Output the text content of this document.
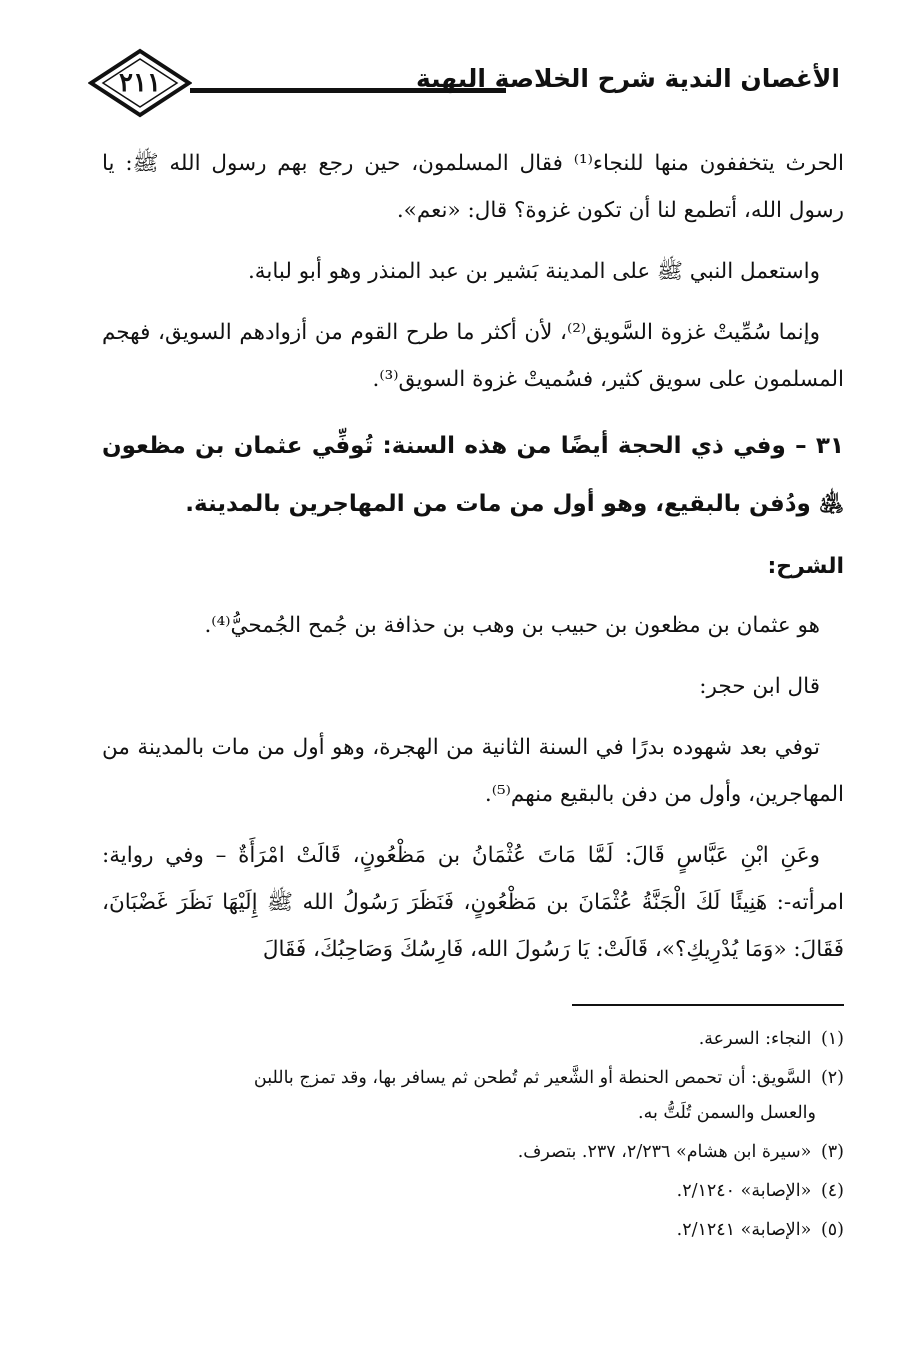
٢١١	الأغصان الندية شرح الخلاصة البهية

الحرث يتخففون منها للنجاء⁽¹⁾ فقال المسلمون، حين رجع بهم رسول الله ﷺ: يا رسول الله، أتطمع لنا أن تكون غزوة؟ قال: «نعم».

واستعمل النبي ﷺ على المدينة بَشير بن عبد المنذر وهو أبو لبابة.

وإنما سُمِّيتْ غزوة السَّويق⁽²⁾، لأن أكثر ما طرح القوم من أزوادهم السويق، فهجم المسلمون على سويق كثير، فسُميتْ غزوة السويق⁽³⁾.

٣١ – وفي ذي الحجة أيضًا من هذه السنة: تُوفِّي عثمان بن مظعون ﵁ ودُفن بالبقيع، وهو أول من مات من المهاجرين بالمدينة.

الشرح:

هو عثمان بن مظعون بن حبيب بن وهب بن حذافة بن جُمح الجُمحيُّ⁽⁴⁾.

قال ابن حجر:

توفي بعد شهوده بدرًا في السنة الثانية من الهجرة، وهو أول من مات بالمدينة من المهاجرين، وأول من دفن بالبقيع منهم⁽⁵⁾.

وعَنِ ابْنِ عَبَّاسٍ قَالَ: لَمَّا مَاتَ عُثْمَانُ بن مَظْعُونٍ، قَالَتْ امْرَأَةٌ – وفي رواية: امرأته-: هَنِيئًا لَكَ الْجَنَّةُ عُثْمَانَ بن مَظْعُونٍ، فَنَظَرَ رَسُولُ الله ﷺ إِلَيْهَا نَظَرَ غَضْبَانَ، فَقَالَ: «وَمَا يُدْرِيكِ؟»، قَالَتْ: يَا رَسُولَ الله، فَارِسُكَ وَصَاحِبُكَ، فَقَالَ

(١) النجاء: السرعة.
(٢) السَّويق: أن تحمص الحنطة أو الشَّعير ثم تُطحن ثم يسافر بها، وقد تمزج باللبن
والعسل والسمن تُلَتُّ به.
(٣) «سيرة ابن هشام» ٢/٢٣٦، ٢٣٧. بتصرف.
(٤) «الإصابة» ٢/١٢٤٠.
(٥) «الإصابة» ٢/١٢٤١.
